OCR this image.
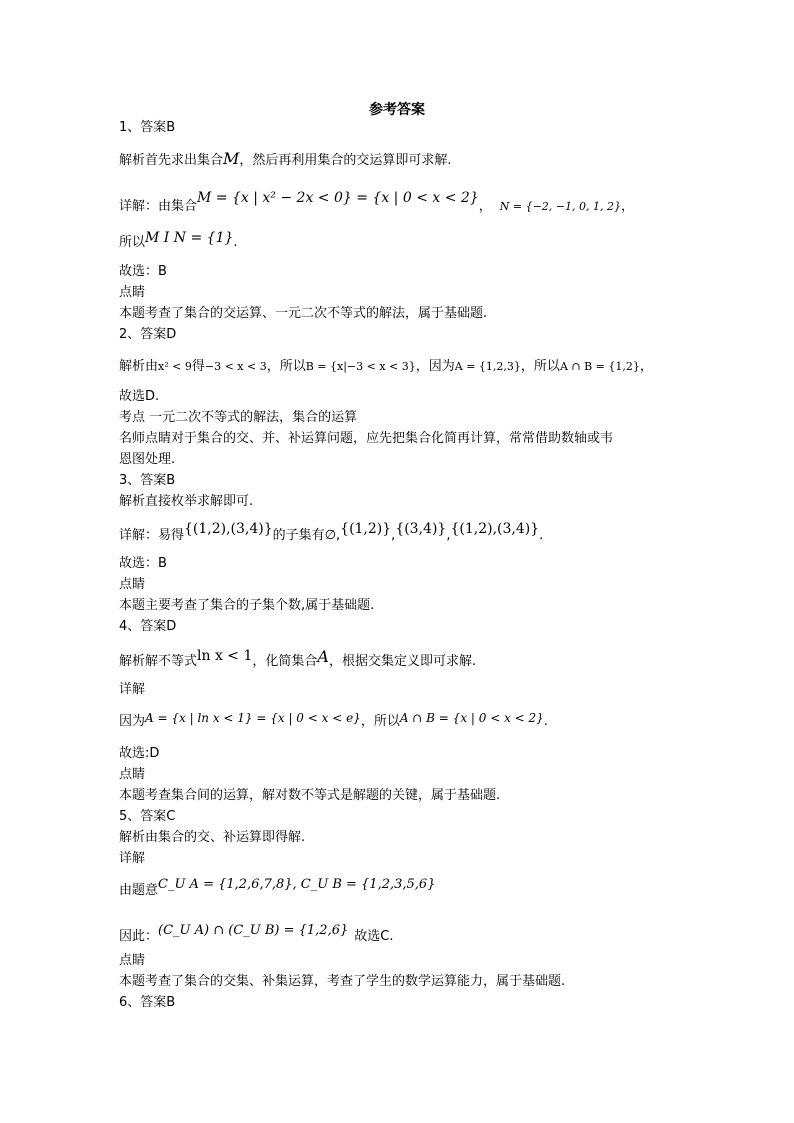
参考答案
1、答案B
解析首先求出集合M，然后再利用集合的交运算即可求解.
详解：由集合M = {x | x² − 2x < 0} = {x | 0 < x < 2}， N = {−2, −1, 0, 1, 2}，
所以M I N = {1}.
故选：B
点睛
本题考查了集合的交运算、一元二次不等式的解法，属于基础题.
2、答案D
解析由x² < 9得−3 < x < 3，所以B = {x|−3 < x < 3}，因为A = {1,2,3}，所以A ∩ B = {1,2}，
故选D.
考点 一元二次不等式的解法，集合的运算
名师点睛对于集合的交、并、补运算问题，应先把集合化简再计算，常常借助数轴或韦
恩图处理.
3、答案B
解析直接枚举求解即可.
详解：易得{(1,2),(3,4)}的子集有∅,{(1,2)},{(3,4)},{(1,2),(3,4)}.
故选：B
点睛
本题主要考查了集合的子集个数,属于基础题.
4、答案D
解析解不等式ln x < 1，化简集合A，根据交集定义即可求解.
详解
因为A = {x | ln x < 1} = {x | 0 < x < e}，所以A ∩ B = {x | 0 < x < 2}.
故选:D
点睛
本题考查集合间的运算，解对数不等式是解题的关键，属于基础题.
5、答案C
解析由集合的交、补运算即得解.
详解
由题意C_U A = {1,2,6,7,8}, C_U B = {1,2,3,5,6}
因此：(C_U A) ∩ (C_U B) = {1,2,6} 故选C.
点睛
本题考查了集合的交集、补集运算，考查了学生的数学运算能力，属于基础题.
6、答案B
